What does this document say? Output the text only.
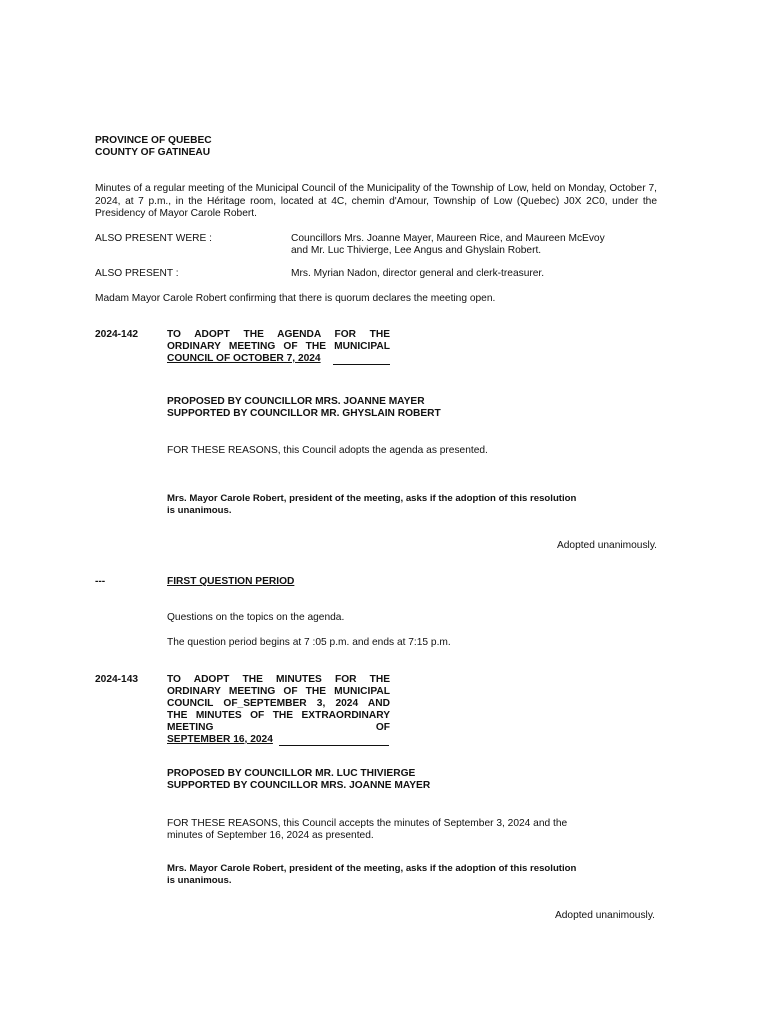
PROVINCE OF QUEBEC
COUNTY OF GATINEAU
Minutes of a regular meeting of the Municipal Council of the Municipality of the Township of Low, held on Monday, October 7, 2024, at 7 p.m., in the Héritage room, located at 4C, chemin d'Amour, Township of Low (Quebec) J0X 2C0, under the Presidency of Mayor Carole Robert.
ALSO PRESENT WERE :	Councillors Mrs. Joanne Mayer, Maureen Rice, and Maureen McEvoy
and Mr. Luc Thivierge, Lee Angus and Ghyslain Robert.
ALSO PRESENT :	Mrs. Myrian Nadon, director general and clerk-treasurer.
Madam Mayor Carole Robert confirming that there is quorum declares the meeting open.
2024-142	TO ADOPT THE AGENDA FOR THE
ORDINARY MEETING OF THE MUNICIPAL
COUNCIL OF OCTOBER 7, 2024
PROPOSED BY COUNCILLOR MRS. JOANNE MAYER
SUPPORTED BY COUNCILLOR MR. GHYSLAIN ROBERT
FOR THESE REASONS, this Council adopts the agenda as presented.
Mrs. Mayor Carole Robert, president of the meeting, asks if the adoption of this resolution
is unanimous.
Adopted unanimously.
---	FIRST QUESTION PERIOD
Questions on the topics on the agenda.
The question period begins at 7 :05 p.m. and ends at 7:15 p.m.
2024-143	TO ADOPT THE MINUTES FOR THE
ORDINARY MEETING OF THE MUNICIPAL
COUNCIL OF_SEPTEMBER 3, 2024 AND
THE MINUTES OF THE EXTRAORDINARY
MEETING OF
SEPTEMBER 16, 2024
PROPOSED BY COUNCILLOR MR. LUC THIVIERGE
SUPPORTED BY COUNCILLOR MRS. JOANNE MAYER
FOR THESE REASONS, this Council accepts the minutes of September 3, 2024 and the
minutes of September 16, 2024 as presented.
Mrs. Mayor Carole Robert, president of the meeting, asks if the adoption of this resolution
is unanimous.
Adopted unanimously.
